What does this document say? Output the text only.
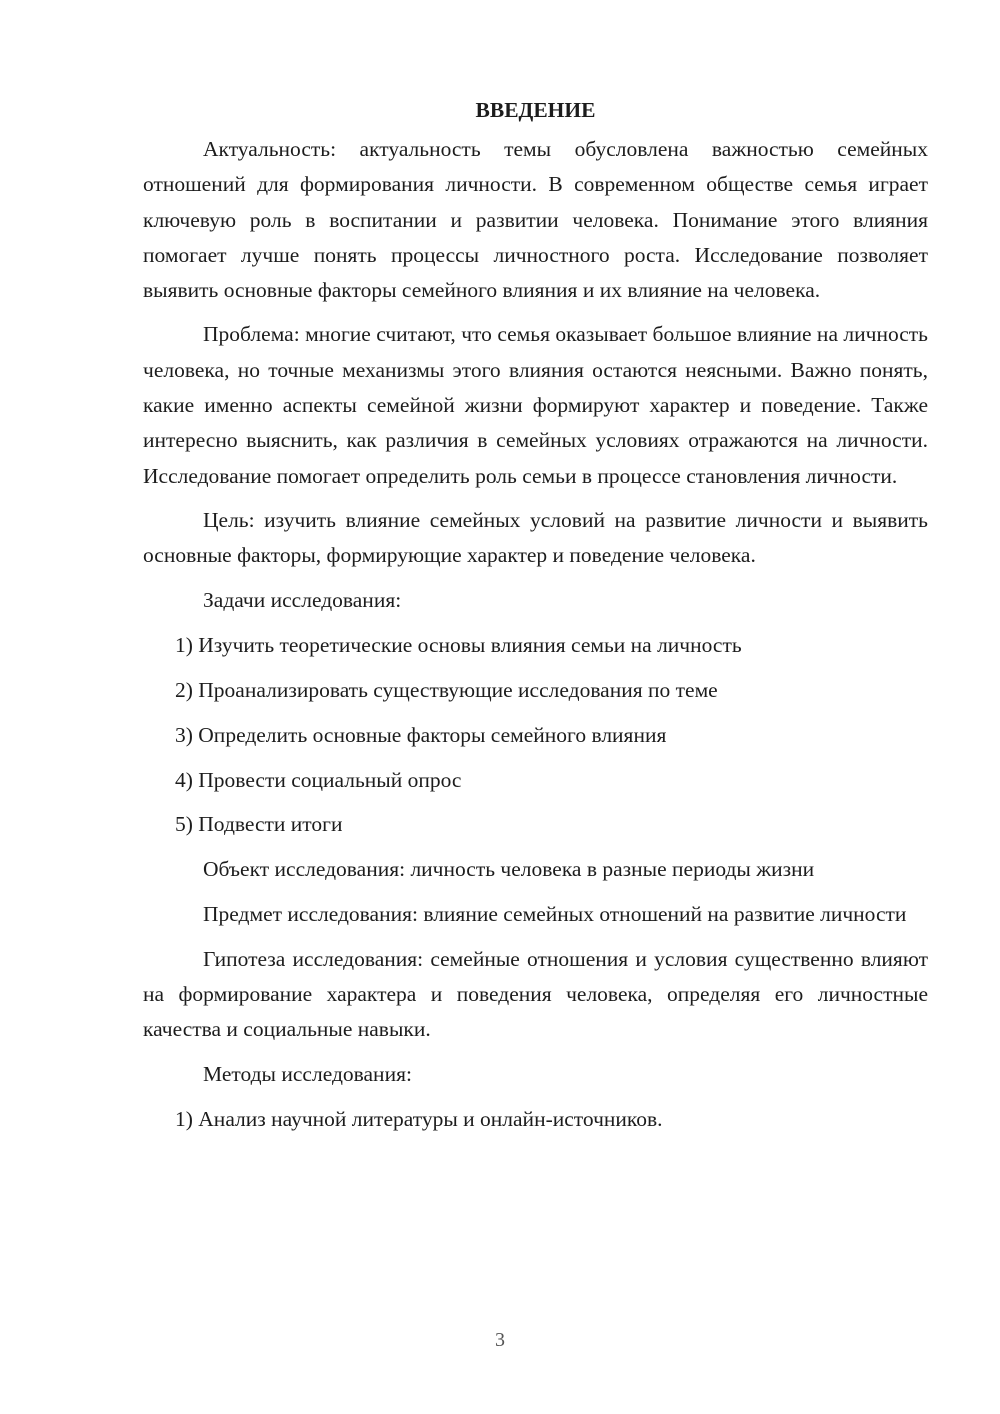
ВВЕДЕНИЕ

Актуальность: актуальность темы обусловлена важностью семейных отношений для формирования личности. В современном обществе семья играет ключевую роль в воспитании и развитии человека. Понимание этого влияния помогает лучше понять процессы личностного роста. Исследование позволяет выявить основные факторы семейного влияния и их влияние на человека.

Проблема: многие считают, что семья оказывает большое влияние на личность человека, но точные механизмы этого влияния остаются неясными. Важно понять, какие именно аспекты семейной жизни формируют характер и поведение. Также интересно выяснить, как различия в семейных условиях отражаются на личности. Исследование помогает определить роль семьи в процессе становления личности.

Цель: изучить влияние семейных условий на развитие личности и выявить основные факторы, формирующие характер и поведение человека.

Задачи исследования:
1) Изучить теоретические основы влияния семьи на личность
2) Проанализировать существующие исследования по теме
3) Определить основные факторы семейного влияния
4) Провести социальный опрос
5) Подвести итоги
Объект исследования: личность человека в разные периоды жизни

Предмет исследования: влияние семейных отношений на развитие личности

Гипотеза исследования: семейные отношения и условия существенно влияют на формирование характера и поведения человека, определяя его личностные качества и социальные навыки.

Методы исследования:
1) Анализ научной литературы и онлайн-источников.
3
